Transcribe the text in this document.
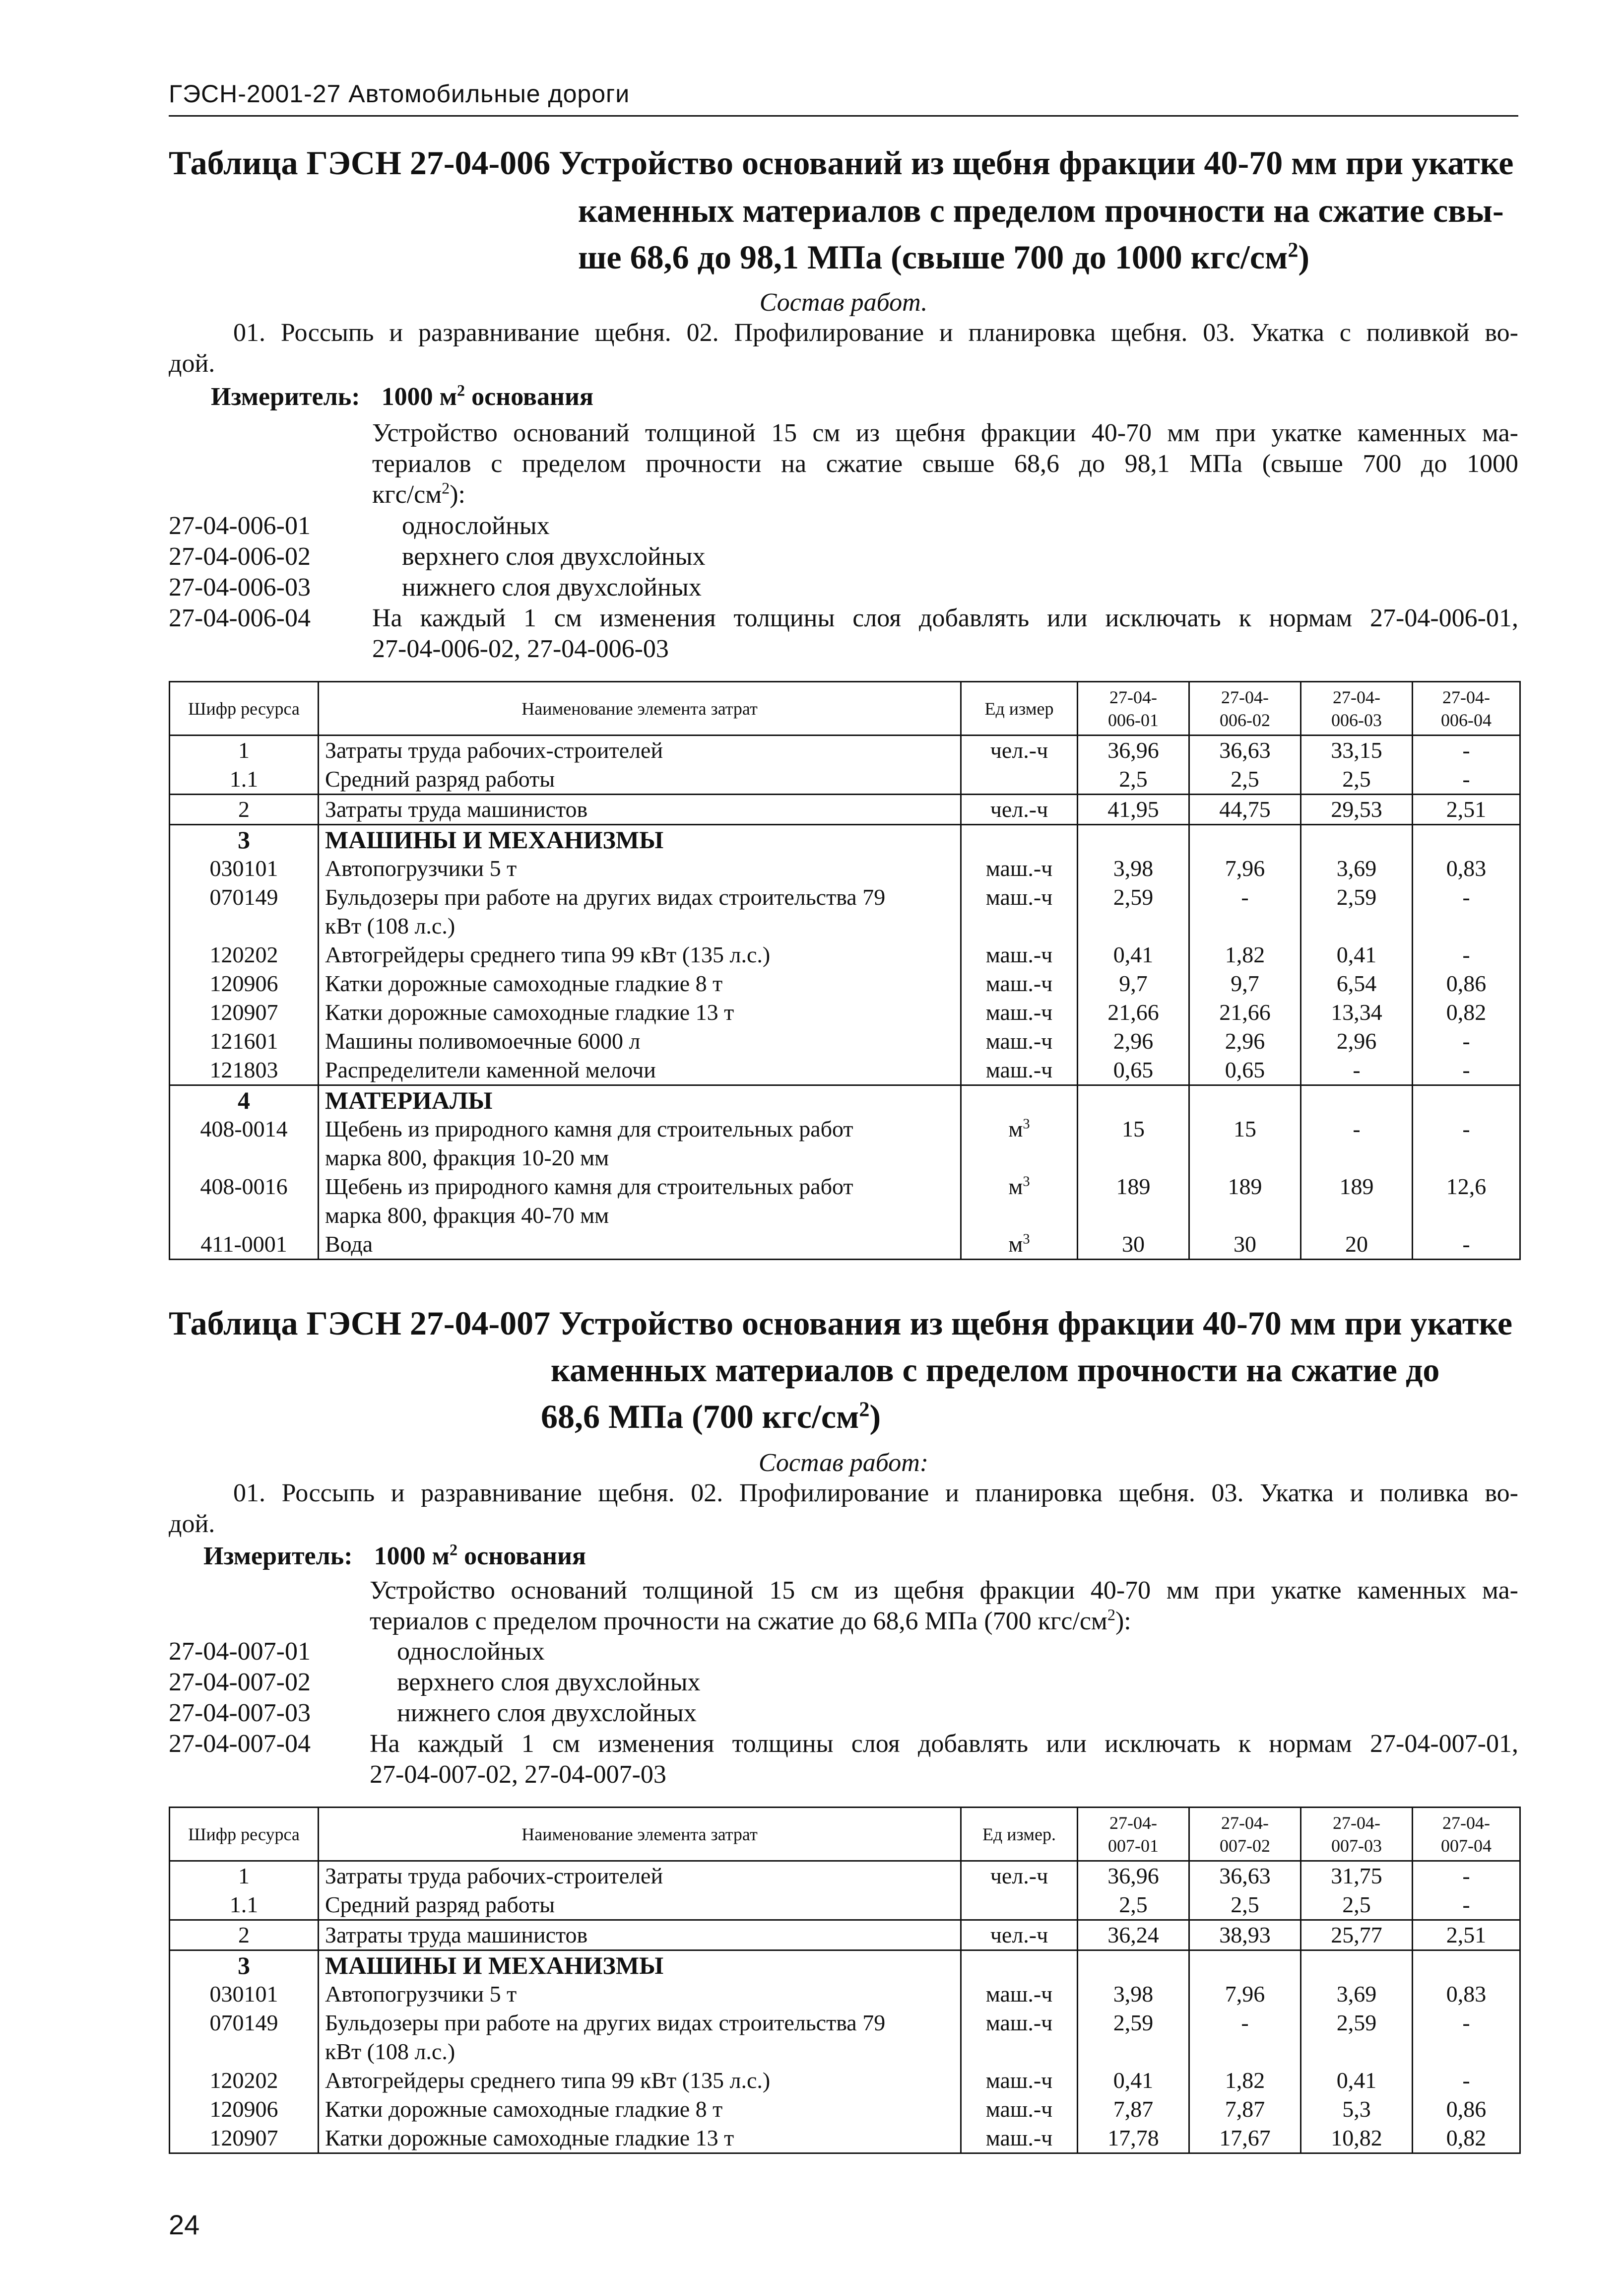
ГЭСН-2001-27 Автомобильные дороги
Таблица ГЭСН 27-04-006 Устройство оснований из щебня фракции 40-70 мм при укатке
каменных материалов с пределом прочности на сжатие свы-
ше 68,6 до 98,1 МПа (свыше 700 до 1000 кгс/$см^2$)
Состав работ.
01. Россыпь и разравнивание щебня. 02. Профилирование и планировка щебня. 03. Укатка с поливкой во-
дой.
Измеритель: 1000 $м^2$ основания
Устройство оснований толщиной 15 см из щебня фракции 40-70 мм при укатке каменных ма-
териалов с пределом прочности на сжатие свыше 68,6 до 98,1 МПа (свыше 700 до 1000
кгс/$см^2$):
27-04-006-01	однослойных
27-04-006-02	верхнего слоя двухслойных
27-04-006-03	нижнего слоя двухслойных
27-04-006-04 На каждый 1 см изменения толщины слоя добавлять или исключать к нормам 27-04-006-01,
27-04-006-02, 27-04-006-03
Шифр ресурса	Наименование элемента затрат	Ед измер	27-04-
006-01	27-04-
006-02	27-04-
006-03	27-04-
006-04
1	Затраты труда рабочих-строителей	чел.-ч	36,96	36,63	33,15	-
1.1	Средний разряд работы		2,5	2,5	2,5	-
2	Затраты труда машинистов	чел.-ч	41,95	44,75	29,53	2,51
3	МАШИНЫ И МЕХАНИЗМЫ					
030101	Автопогрузчики 5 т	маш.-ч	3,98	7,96	3,69	0,83
070149	Бульдозеры при работе на других видах строительства 79
кВт (108 л.с.)	маш.-ч	2,59	-	2,59	-
120202	Автогрейдеры среднего типа 99 кВт (135 л.с.)	маш.-ч	0,41	1,82	0,41	-
120906	Катки дорожные самоходные гладкие 8 т	маш.-ч	9,7	9,7	6,54	0,86
120907	Катки дорожные самоходные гладкие 13 т	маш.-ч	21,66	21,66	13,34	0,82
121601	Машины поливомоечные 6000 л	маш.-ч	2,96	2,96	2,96	-
121803	Распределители каменной мелочи	маш.-ч	0,65	0,65	-	-
4	МАТЕРИАЛЫ					
408-0014	Щебень из природного камня для строительных работ
марка 800, фракция 10-20 мм	$м^3$	15	15	-	-
408-0016	Щебень из природного камня для строительных работ
марка 800, фракция 40-70 мм	$м^3$	189	189	189	12,6
411-0001	Вода	$м^3$	30	30	20	-
Таблица ГЭСН 27-04-007 Устройство основания из щебня фракции 40-70 мм при укатке
каменных материалов с пределом прочности на сжатие до
68,6 МПа (700 кгс/$см^2$)
Состав работ:
01. Россыпь и разравнивание щебня. 02. Профилирование и планировка щебня. 03. Укатка и поливка во-
дой.
Измеритель: 1000 $м^2$ основания
Устройство оснований толщиной 15 см из щебня фракции 40-70 мм при укатке каменных ма-
териалов с пределом прочности на сжатие до 68,6 МПа (700 кгс/$см^2$):
27-04-007-01	однослойных
27-04-007-02	верхнего слоя двухслойных
27-04-007-03	нижнего слоя двухслойных
27-04-007-04 На каждый 1 см изменения толщины слоя добавлять или исключать к нормам 27-04-007-01,
27-04-007-02, 27-04-007-03
Шифр ресурса	Наименование элемента затрат	Ед измер.	27-04-
007-01	27-04-
007-02	27-04-
007-03	27-04-
007-04
1	Затраты труда рабочих-строителей	чел.-ч	36,96	36,63	31,75	-
1.1	Средний разряд работы		2,5	2,5	2,5	-
2	Затраты труда машинистов	чел.-ч	36,24	38,93	25,77	2,51
3	МАШИНЫ И МЕХАНИЗМЫ					
030101	Автопогрузчики 5 т	маш.-ч	3,98	7,96	3,69	0,83
070149	Бульдозеры при работе на других видах строительства 79
кВт (108 л.с.)	маш.-ч	2,59	-	2,59	-
120202	Автогрейдеры среднего типа 99 кВт (135 л.с.)	маш.-ч	0,41	1,82	0,41	-
120906	Катки дорожные самоходные гладкие 8 т	маш.-ч	7,87	7,87	5,3	0,86
120907	Катки дорожные самоходные гладкие 13 т	маш.-ч	17,78	17,67	10,82	0,82
24
